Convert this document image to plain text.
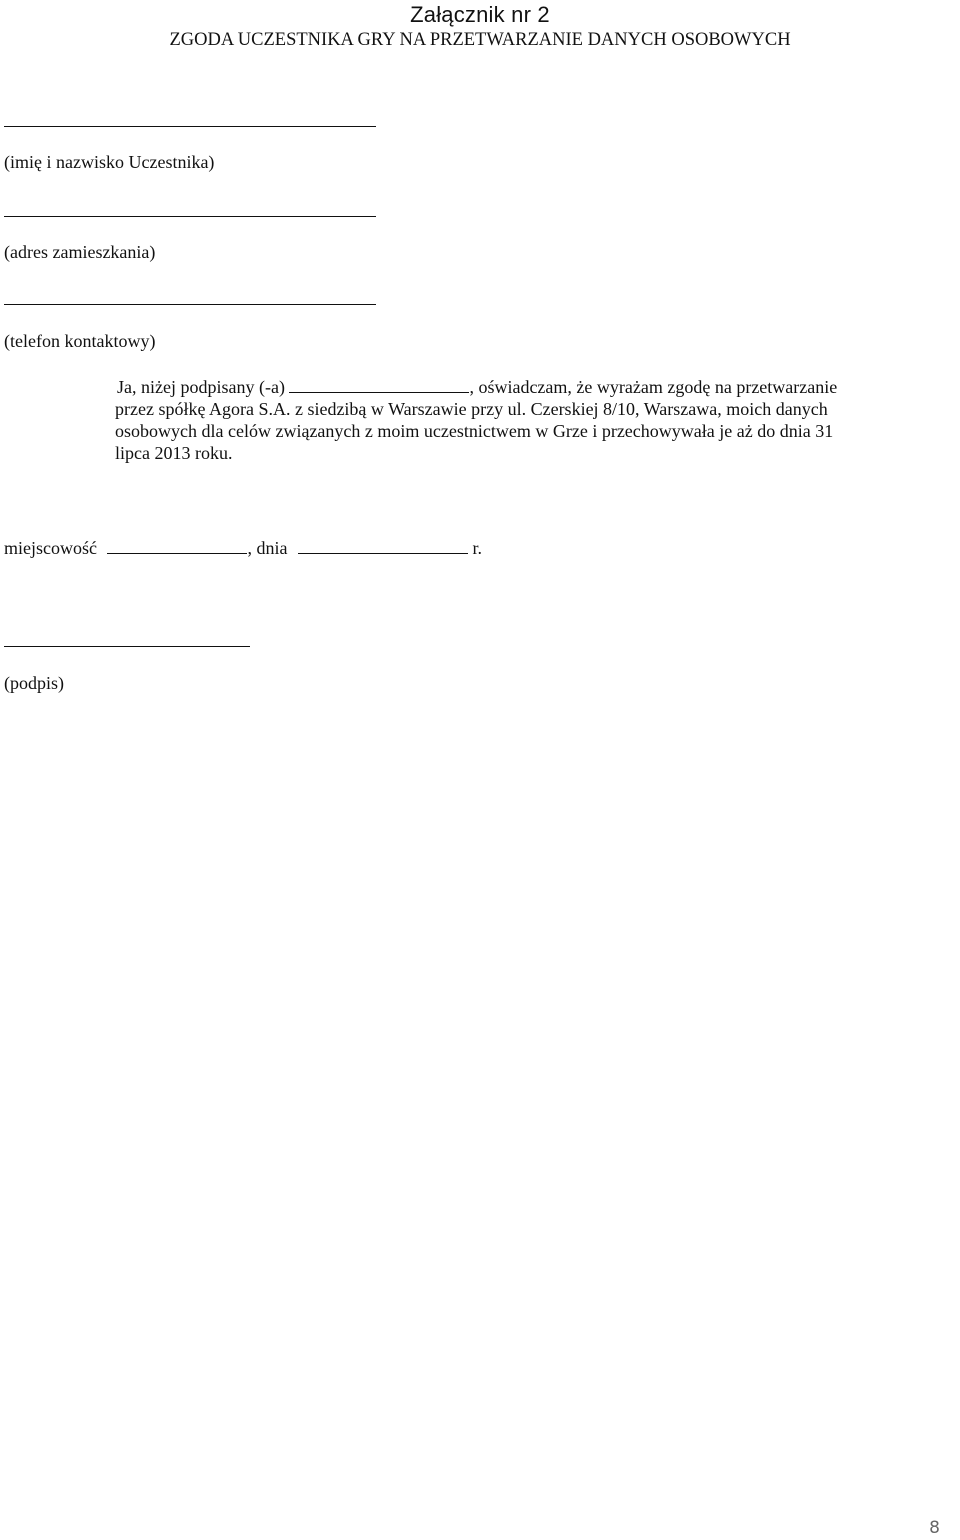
Załącznik nr 2
ZGODA UCZESTNIKA GRY NA PRZETWARZANIE DANYCH OSOBOWYCH
(imię i nazwisko Uczestnika)
(adres zamieszkania)
(telefon kontaktowy)
Ja, niżej podpisany (-a)	, oświadczam, że wyrażam zgodę na przetwarzanie
przez spółkę Agora S.A. z siedzibą w Warszawie przy ul. Czerskiej 8/10, Warszawa, moich danych
osobowych dla celów związanych z moim uczestnictwem w Grze i przechowywała je aż do dnia 31
lipca 2013 roku.
miejscowość	, dnia	r.
(podpis)
8
